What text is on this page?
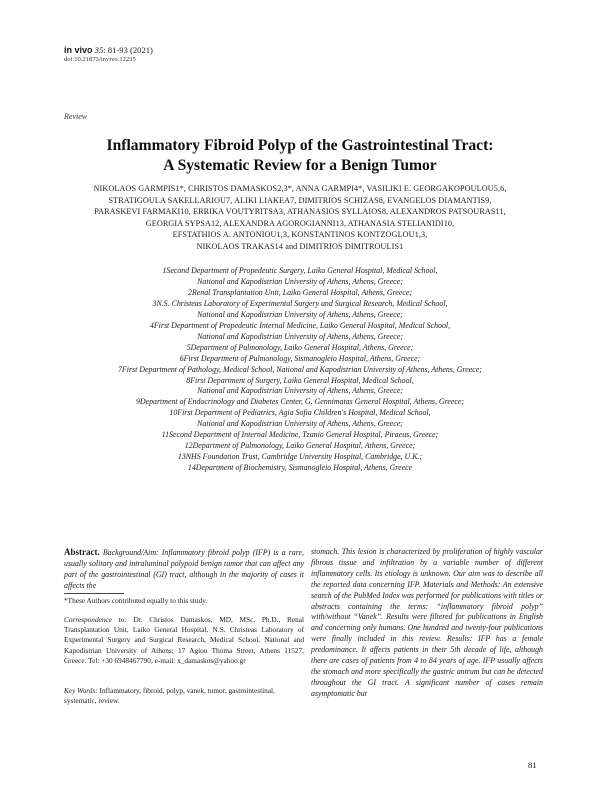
in vivo 35: 81-93 (2021)
doi:10.21873/invivo.12235
Review
Inflammatory Fibroid Polyp of the Gastrointestinal Tract:
A Systematic Review for a Benign Tumor
NIKOLAOS GARMPIS1*, CHRISTOS DAMASKOS2,3*, ANNA GARMPI4*, VASILIKI E. GEORGAKOPOULOU5,6,
STRATIGOULA SAKELLARIOU7, ALIKI LIAKEA7, DIMITRIOS SCHIZAS8, EVANGELOS DIAMANTIS9,
PARASKEVI FARMAKI10, ERRIKA VOUTYRITSA3, ATHANASIOS SYLLAIOS8, ALEXANDROS PATSOURAS11,
GEORGIA SYPSA12, ALEXANDRA AGOROGIANNI13, ATHANASIA STELIANIDI10,
EFSTATHIOS A. ANTONIOU1,3, KONSTANTINOS KONTZOGLOU1,3,
NIKOLAOS TRAKAS14 and DIMITRIOS DIMITROULIS1
1Second Department of Propedeutic Surgery, Laiko General Hospital, Medical School,
National and Kapodistrian University of Athens, Athens, Greece;
2Renal Transplantation Unit, Laiko General Hospital, Athens, Greece;
3N.S. Christeas Laboratory of Experimental Surgery and Surgical Research, Medical School,
National and Kapodistrian University of Athens, Athens, Greece;
4First Department of Propedeutic Internal Medicine, Laiko General Hospital, Medical School,
National and Kapodistrian University of Athens, Athens, Greece;
5Department of Pulmonology, Laiko General Hospital, Athens, Greece;
6First Department of Pulmonology, Sismanogleio Hospital, Athens, Greece;
7First Department of Pathology, Medical School, National and Kapodistrian University of Athens, Athens, Greece;
8First Department of Surgery, Laiko General Hospital, Medical School,
National and Kapodistrian University of Athens, Athens, Greece;
9Department of Endocrinology and Diabetes Center, G. Gennimatas General Hospital, Athens, Greece;
10First Department of Pediatrics, Agia Sofia Children's Hospital, Medical School,
National and Kapodistrian University of Athens, Athens, Greece;
11Second Department of Internal Medicine, Tzanio General Hospital, Piraeus, Greece;
12Department of Pulmonology, Laiko General Hospital, Athens, Greece;
13NHS Foundation Trust, Cambridge University Hospital, Cambridge, U.K.;
14Department of Biochemistry, Sismanogleio Hospital, Athens, Greece
Abstract. Background/Aim: Inflammatory fibroid polyp (IFP) is a rare, usually solitary and intraluminal polypoid benign tumor that can affect any part of the gastrointestinal (GI) tract, although in the majority of cases it affects the
*These Authors contributed equally to this study.
Correspondence to: Dr. Christos Damaskos, MD, MSc, Ph.D., Renal Transplantation Unit, Laiko General Hospital, N.S. Christeas Laboratory of Experimental Surgery and Surgical Research, Medical School, National and Kapodistrian University of Athens; 17 Agiou Thoma Street, Athens 11527, Greece. Tel: +30 6948467790, e-mail: x_damaskos@yahoo.gr
Key Words: Inflammatory, fibroid, polyp, vanek, tumor, gastrointestinal, systematic, review.
stomach. This lesion is characterized by proliferation of highly vascular fibrous tissue and infiltration by a variable number of different inflammatory cells. Its etiology is unknown. Our aim was to describe all the reported data concerning IFP. Materials and Methods: An extensive search of the PubMed Index was performed for publications with titles or abstracts containing the terms: “inflammatory fibroid polyp” with/without “Vanek”. Results were filtered for publications in English and concerning only humans. One hundred and twenty-four publications were finally included in this review. Results: IFP has a female predominance. It affects patients in their 5th decade of life, although there are cases of patients from 4 to 84 years of age. IFP usually affects the stomach and more specifically the gastric antrum but can be detected throughout the GI tract. A significant number of cases remain asymptomatic but
81
